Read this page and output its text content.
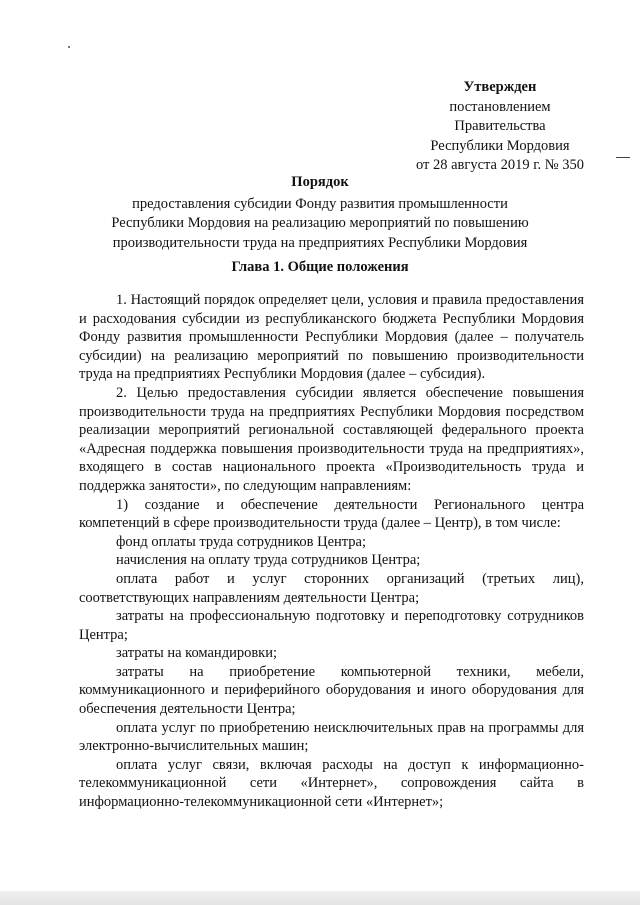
Утвержден
постановлением
Правительства
Республики Мордовия
от 28 августа 2019 г. № 350
Порядок
предоставления субсидии Фонду развития промышленности
Республики Мордовия на реализацию мероприятий по повышению
производительности труда на предприятиях Республики Мордовия
Глава 1. Общие положения

1. Настоящий порядок определяет цели, условия и правила предоставления и расходования субсидии из республиканского бюджета Республики Мордовия Фонду развития промышленности Республики Мордовия (далее – получатель субсидии) на реализацию мероприятий по повышению производительности труда на предприятиях Республики Мордовия (далее – субсидия).

2. Целью предоставления субсидии является обеспечение повышения производительности труда на предприятиях Республики Мордовия посредством реализации мероприятий региональной составляющей федерального проекта «Адресная поддержка повышения производительности труда на предприятиях», входящего в состав национального проекта «Производительность труда и поддержка занятости», по следующим направлениям:

1) создание и обеспечение деятельности Регионального центра компетенций в сфере производительности труда (далее – Центр), в том числе:

фонд оплаты труда сотрудников Центра;

начисления на оплату труда сотрудников Центра;

оплата работ и услуг сторонних организаций (третьих лиц), соответствующих направлениям деятельности Центра;

затраты на профессиональную подготовку и переподготовку сотрудников Центра;

затраты на командировки;

затраты на приобретение компьютерной техники, мебели, коммуникационного и периферийного оборудования и иного оборудования для обеспечения деятельности Центра;

оплата услуг по приобретению неисключительных прав на программы для электронно-вычислительных машин;

оплата услуг связи, включая расходы на доступ к информационно-телекоммуникационной сети «Интернет», сопровождения сайта в информационно-телекоммуникационной сети «Интернет»;
